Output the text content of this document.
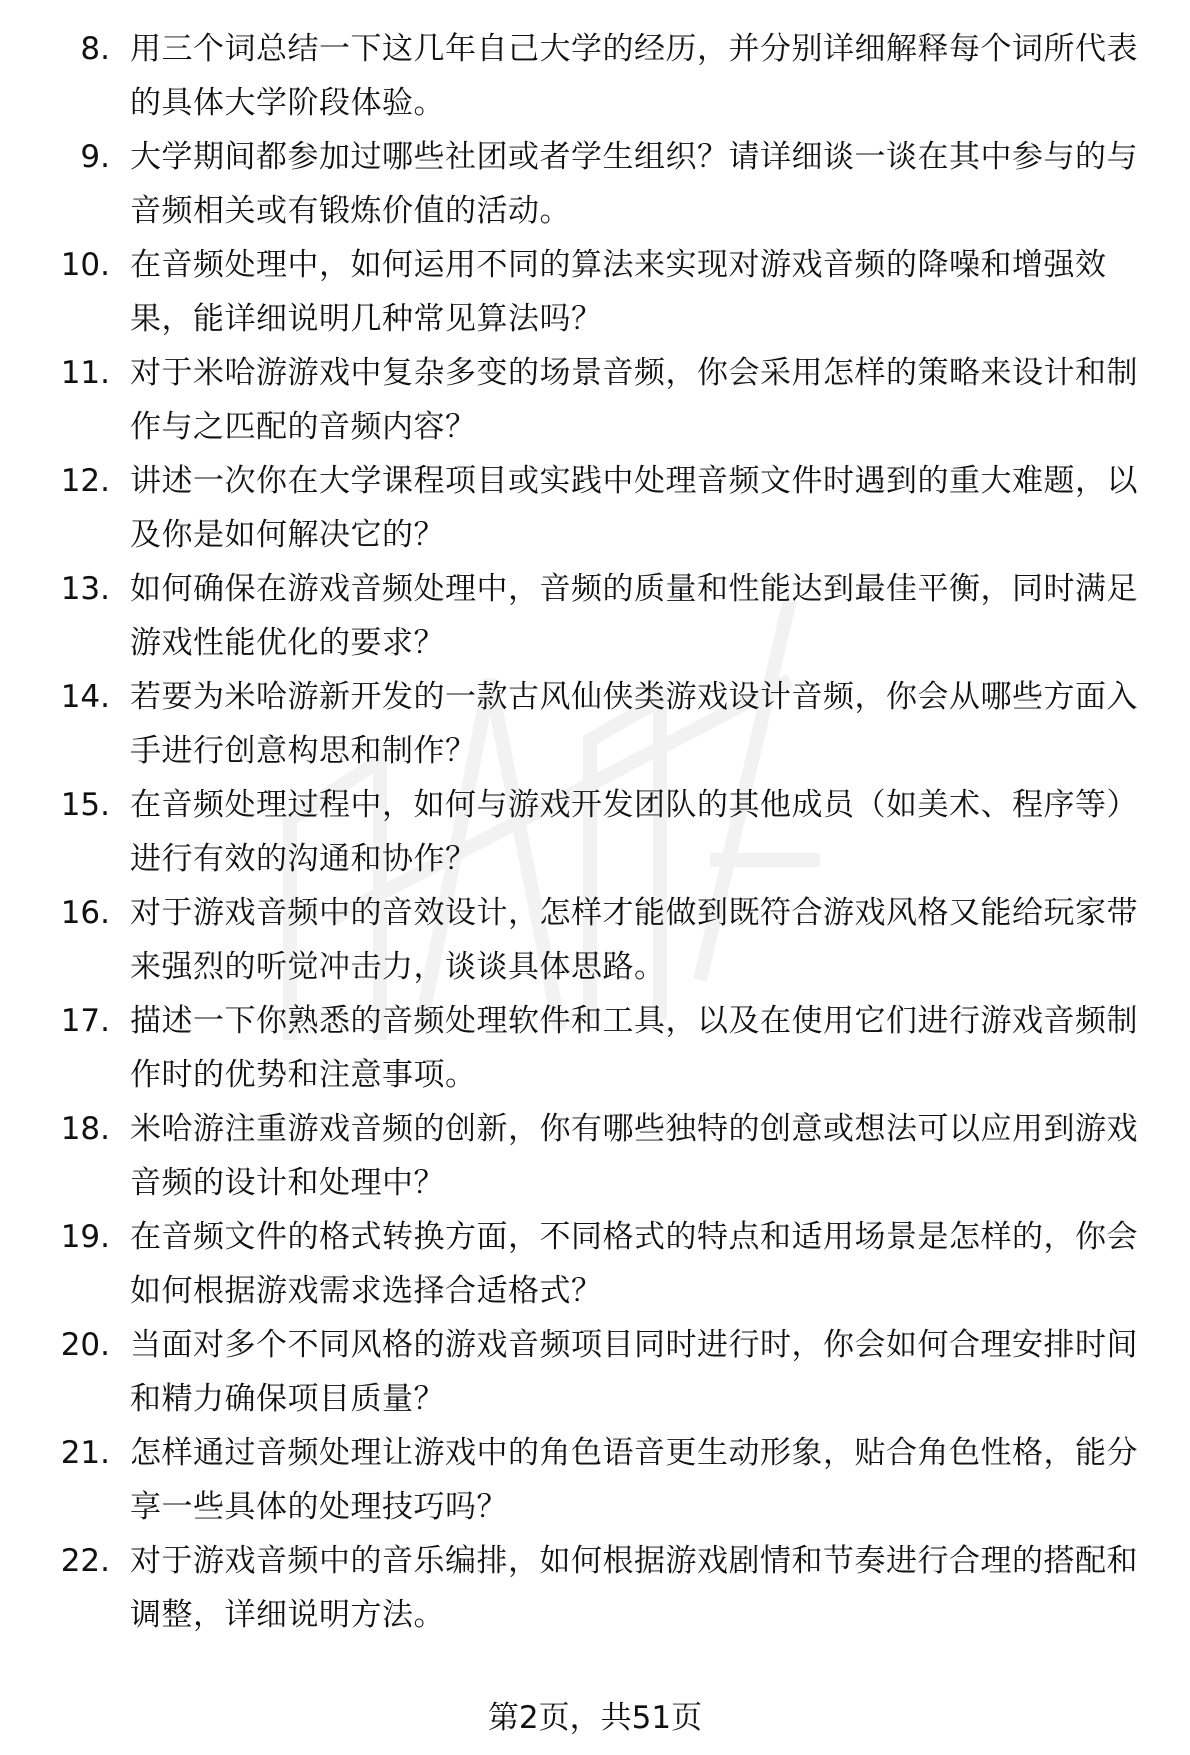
8. 用三个词总结一下这几年自己大学的经历，并分别详细解释每个词所代表的具体大学阶段体验。
9. 大学期间都参加过哪些社团或者学生组织？请详细谈一谈在其中参与的与音频相关或有锻炼价值的活动。
10. 在音频处理中，如何运用不同的算法来实现对游戏音频的降噪和增强效果，能详细说明几种常见算法吗？
11. 对于米哈游游戏中复杂多变的场景音频，你会采用怎样的策略来设计和制作与之匹配的音频内容？
12. 讲述一次你在大学课程项目或实践中处理音频文件时遇到的重大难题，以及你是如何解决它的？
13. 如何确保在游戏音频处理中，音频的质量和性能达到最佳平衡，同时满足游戏性能优化的要求？
14. 若要为米哈游新开发的一款古风仙侠类游戏设计音频，你会从哪些方面入手进行创意构思和制作？
15. 在音频处理过程中，如何与游戏开发团队的其他成员（如美术、程序等）进行有效的沟通和协作？
16. 对于游戏音频中的音效设计，怎样才能做到既符合游戏风格又能给玩家带来强烈的听觉冲击力，谈谈具体思路。
17. 描述一下你熟悉的音频处理软件和工具，以及在使用它们进行游戏音频制作时的优势和注意事项。
18. 米哈游注重游戏音频的创新，你有哪些独特的创意或想法可以应用到游戏音频的设计和处理中？
19. 在音频文件的格式转换方面，不同格式的特点和适用场景是怎样的，你会如何根据游戏需求选择合适格式？
20. 当面对多个不同风格的游戏音频项目同时进行时，你会如何合理安排时间和精力确保项目质量？
21. 怎样通过音频处理让游戏中的角色语音更生动形象，贴合角色性格，能分享一些具体的处理技巧吗？
22. 对于游戏音频中的音乐编排，如何根据游戏剧情和节奏进行合理的搭配和调整，详细说明方法。
第2页，共51页
